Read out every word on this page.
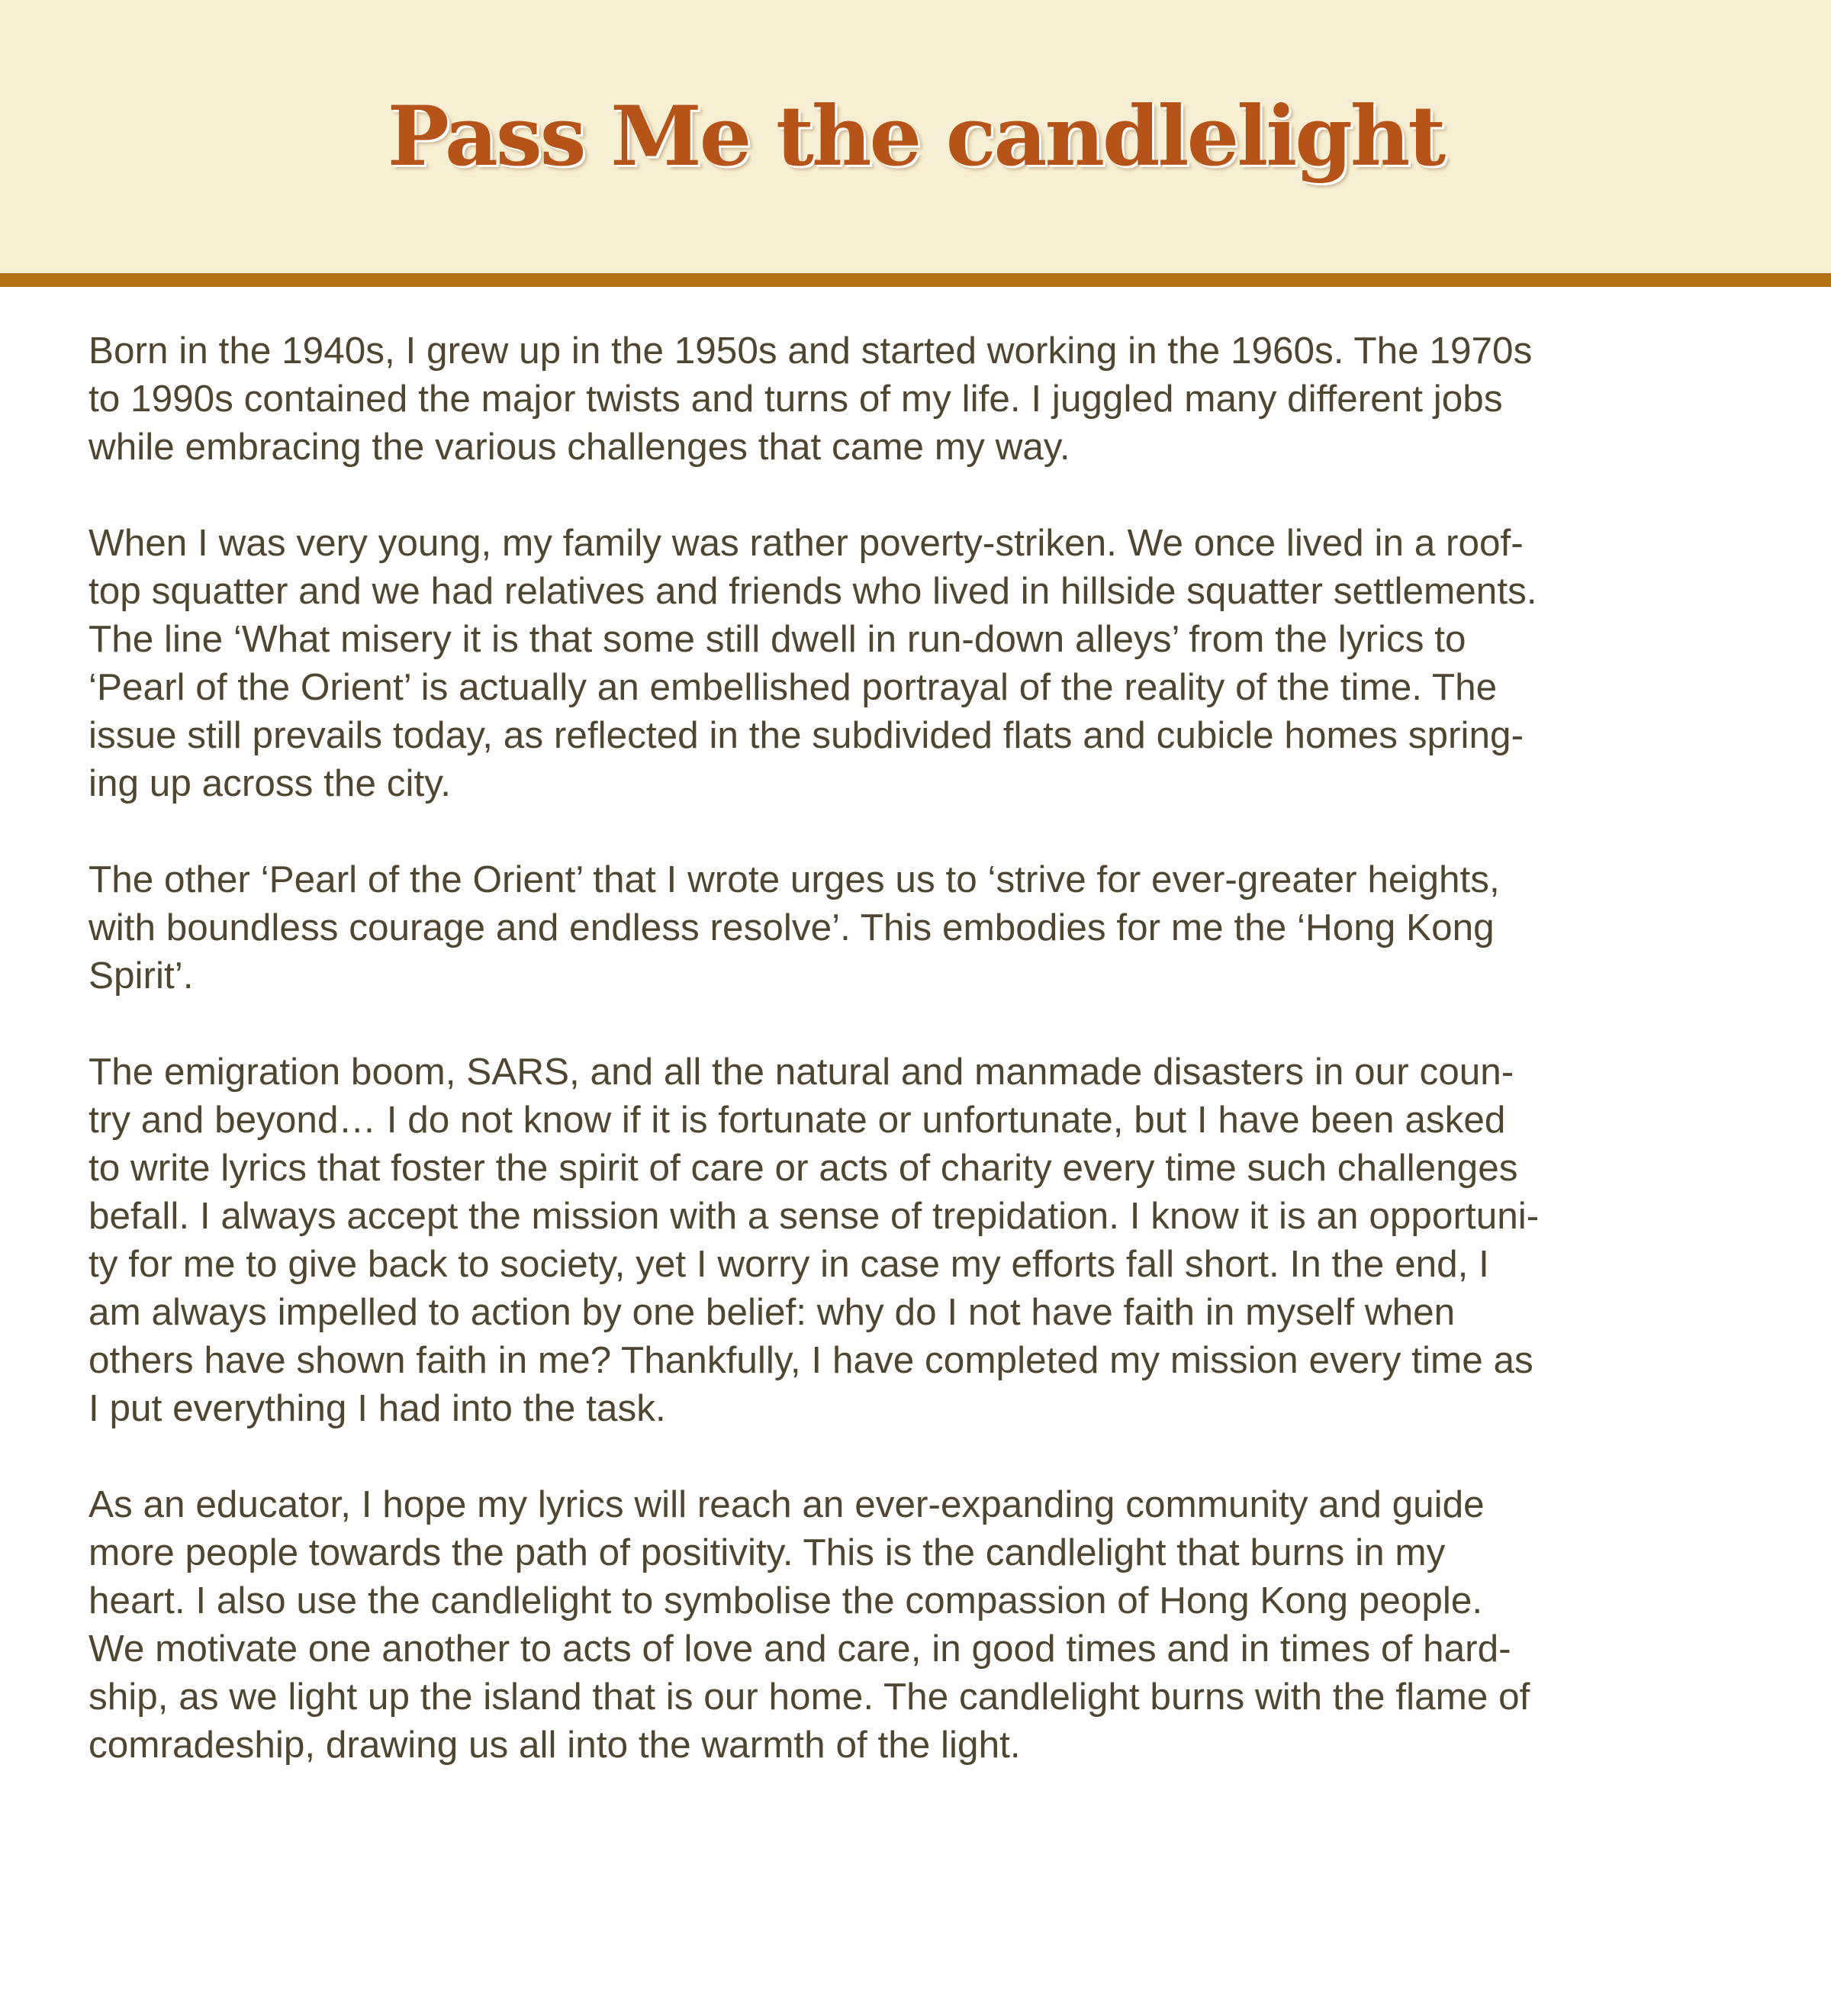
Pass Me the candlelight
Born in the 1940s, I grew up in the 1950s and started working in the 1960s. The 1970s
to 1990s contained the major twists and turns of my life. I juggled many different jobs
while embracing the various challenges that came my way.
When I was very young, my family was rather poverty-striken. We once lived in a roof-
top squatter and we had relatives and friends who lived in hillside squatter settlements.
The line ‘What misery it is that some still dwell in run-down alleys’ from the lyrics to
‘Pearl of the Orient’ is actually an embellished portrayal of the reality of the time. The
issue still prevails today, as reflected in the subdivided flats and cubicle homes spring-
ing up across the city.
The other ‘Pearl of the Orient’ that I wrote urges us to ‘strive for ever-greater heights,
with boundless courage and endless resolve’. This embodies for me the ‘Hong Kong
Spirit’.
The emigration boom, SARS, and all the natural and manmade disasters in our coun-
try and beyond… I do not know if it is fortunate or unfortunate, but I have been asked
to write lyrics that foster the spirit of care or acts of charity every time such challenges
befall. I always accept the mission with a sense of trepidation. I know it is an opportuni-
ty for me to give back to society, yet I worry in case my efforts fall short. In the end, I
am always impelled to action by one belief: why do I not have faith in myself when
others have shown faith in me? Thankfully, I have completed my mission every time as
I put everything I had into the task.
As an educator, I hope my lyrics will reach an ever-expanding community and guide
more people towards the path of positivity. This is the candlelight that burns in my
heart. I also use the candlelight to symbolise the compassion of Hong Kong people.
We motivate one another to acts of love and care, in good times and in times of hard-
ship, as we light up the island that is our home. The candlelight burns with the flame of
comradeship, drawing us all into the warmth of the light.
